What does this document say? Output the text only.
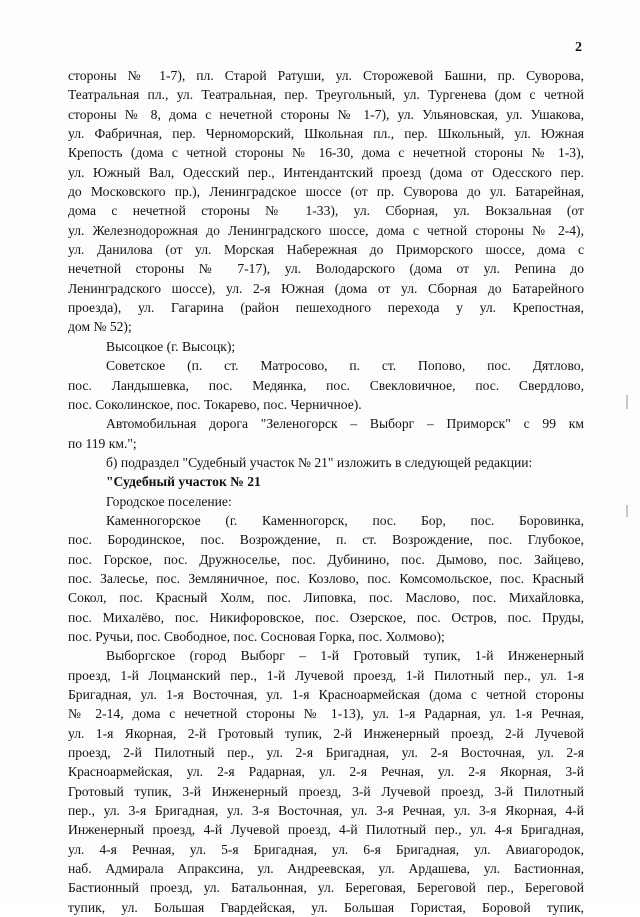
2
стороны № 1-7), пл. Старой Ратуши, ул. Сторожевой Башни, пр. Суворова,
Театральная пл., ул. Театральная, пер. Треугольный, ул. Тургенева (дом с четной
стороны № 8, дома с нечетной стороны № 1-7), ул. Ульяновская, ул. Ушакова,
ул. Фабричная, пер. Черноморский, Школьная пл., пер. Школьный, ул. Южная
Крепость (дома с четной стороны № 16-30, дома с нечетной стороны № 1-3),
ул. Южный Вал, Одесский пер., Интендантский проезд (дома от Одесского пер.
до Московского пр.), Ленинградское шоссе (от пр. Суворова до ул. Батарейная,
дома с нечетной стороны № 1-33), ул. Сборная, ул. Вокзальная (от
ул. Железнодорожная до Ленинградского шоссе, дома с четной стороны № 2-4),
ул. Данилова (от ул. Морская Набережная до Приморского шоссе, дома с
нечетной стороны № 7-17), ул. Володарского (дома от ул. Репина до
Ленинградского шоссе), ул. 2-я Южная (дома от ул. Сборная до Батарейного
проезда), ул. Гагарина (район пешеходного перехода у ул. Крепостная,
дом № 52);
Высоцкое (г. Высоцк);
Советское (п. ст. Матросово, п. ст. Попово, пос. Дятлово,
пос. Ландышевка, пос. Медянка, пос. Свекловичное, пос. Свердлово,
пос. Соколинское, пос. Токарево, пос. Черничное).
Автомобильная дорога "Зеленогорск – Выборг – Приморск" с 99 км
по 119 км.";
б) подраздел "Судебный участок № 21" изложить в следующей редакции:
"Судебный участок № 21
Городское поселение:
Каменногорское (г. Каменногорск, пос. Бор, пос. Боровинка,
пос. Бородинское, пос. Возрождение, п. ст. Возрождение, пос. Глубокое,
пос. Горское, пос. Дружноселье, пос. Дубинино, пос. Дымово, пос. Зайцево,
пос. Залесье, пос. Земляничное, пос. Козлово, пос. Комсомольское, пос. Красный
Сокол, пос. Красный Холм, пос. Липовка, пос. Маслово, пос. Михайловка,
пос. Михалёво, пос. Никифоровское, пос. Озерское, пос. Остров, пос. Пруды,
пос. Ручьи, пос. Свободное, пос. Сосновая Горка, пос. Холмово);
Выборгское (город Выборг – 1-й Гротовый тупик, 1-й Инженерный
проезд, 1-й Лоцманский пер., 1-й Лучевой проезд, 1-й Пилотный пер., ул. 1-я
Бригадная, ул. 1-я Восточная, ул. 1-я Красноармейская (дома с четной стороны
№ 2-14, дома с нечетной стороны № 1-13), ул. 1-я Радарная, ул. 1-я Речная,
ул. 1-я Якорная, 2-й Гротовый тупик, 2-й Инженерный проезд, 2-й Лучевой
проезд, 2-й Пилотный пер., ул. 2-я Бригадная, ул. 2-я Восточная, ул. 2-я
Красноармейская, ул. 2-я Радарная, ул. 2-я Речная, ул. 2-я Якорная, 3-й
Гротовый тупик, 3-й Инженерный проезд, 3-й Лучевой проезд, 3-й Пилотный
пер., ул. 3-я Бригадная, ул. 3-я Восточная, ул. 3-я Речная, ул. 3-я Якорная, 4-й
Инженерный проезд, 4-й Лучевой проезд, 4-й Пилотный пер., ул. 4-я Бригадная,
ул. 4-я Речная, ул. 5-я Бригадная, ул. 6-я Бригадная, ул. Авиагородок,
наб. Адмирала Апраксина, ул. Андреевская, ул. Ардашева, ул. Бастионная,
Бастионный проезд, ул. Батальонная, ул. Береговая, Береговой пер., Береговой
тупик, ул. Большая Гвардейская, ул. Большая Гористая, Боровой тупик,
